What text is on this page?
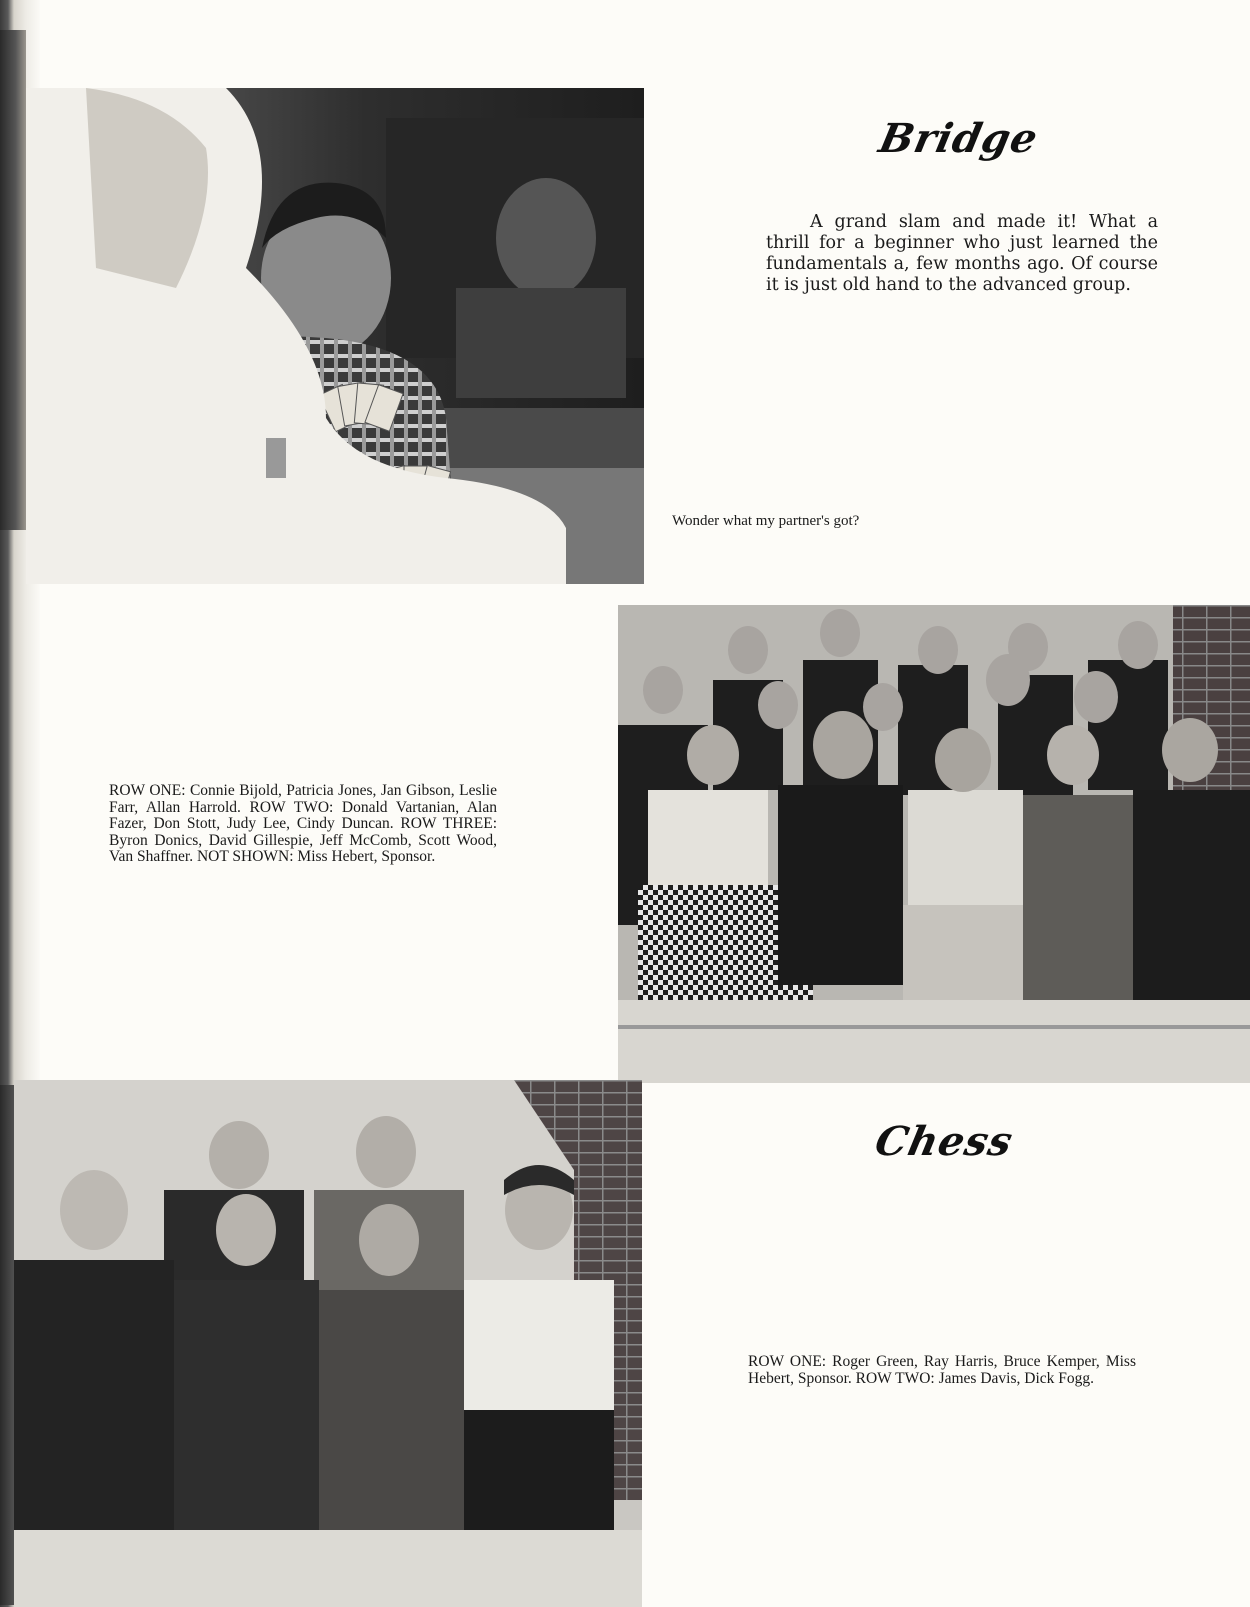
Bridge

A grand slam and made it! What a thrill for a beginner who just learned the fundamentals a, few months ago. Of course it is just old hand to the advanced group.

Wonder what my partner's got?

ROW ONE: Connie Bijold, Patricia Jones, Jan Gibson, Leslie Farr, Allan Harrold. ROW TWO: Donald Vartanian, Alan Fazer, Don Stott, Judy Lee, Cindy Duncan. ROW THREE: Byron Donics, David Gillespie, Jeff McComb, Scott Wood, Van Shaffner. NOT SHOWN: Miss Hebert, Sponsor.

Chess

ROW ONE: Roger Green, Ray Harris, Bruce Kemper, Miss Hebert, Sponsor. ROW TWO: James Davis, Dick Fogg.
